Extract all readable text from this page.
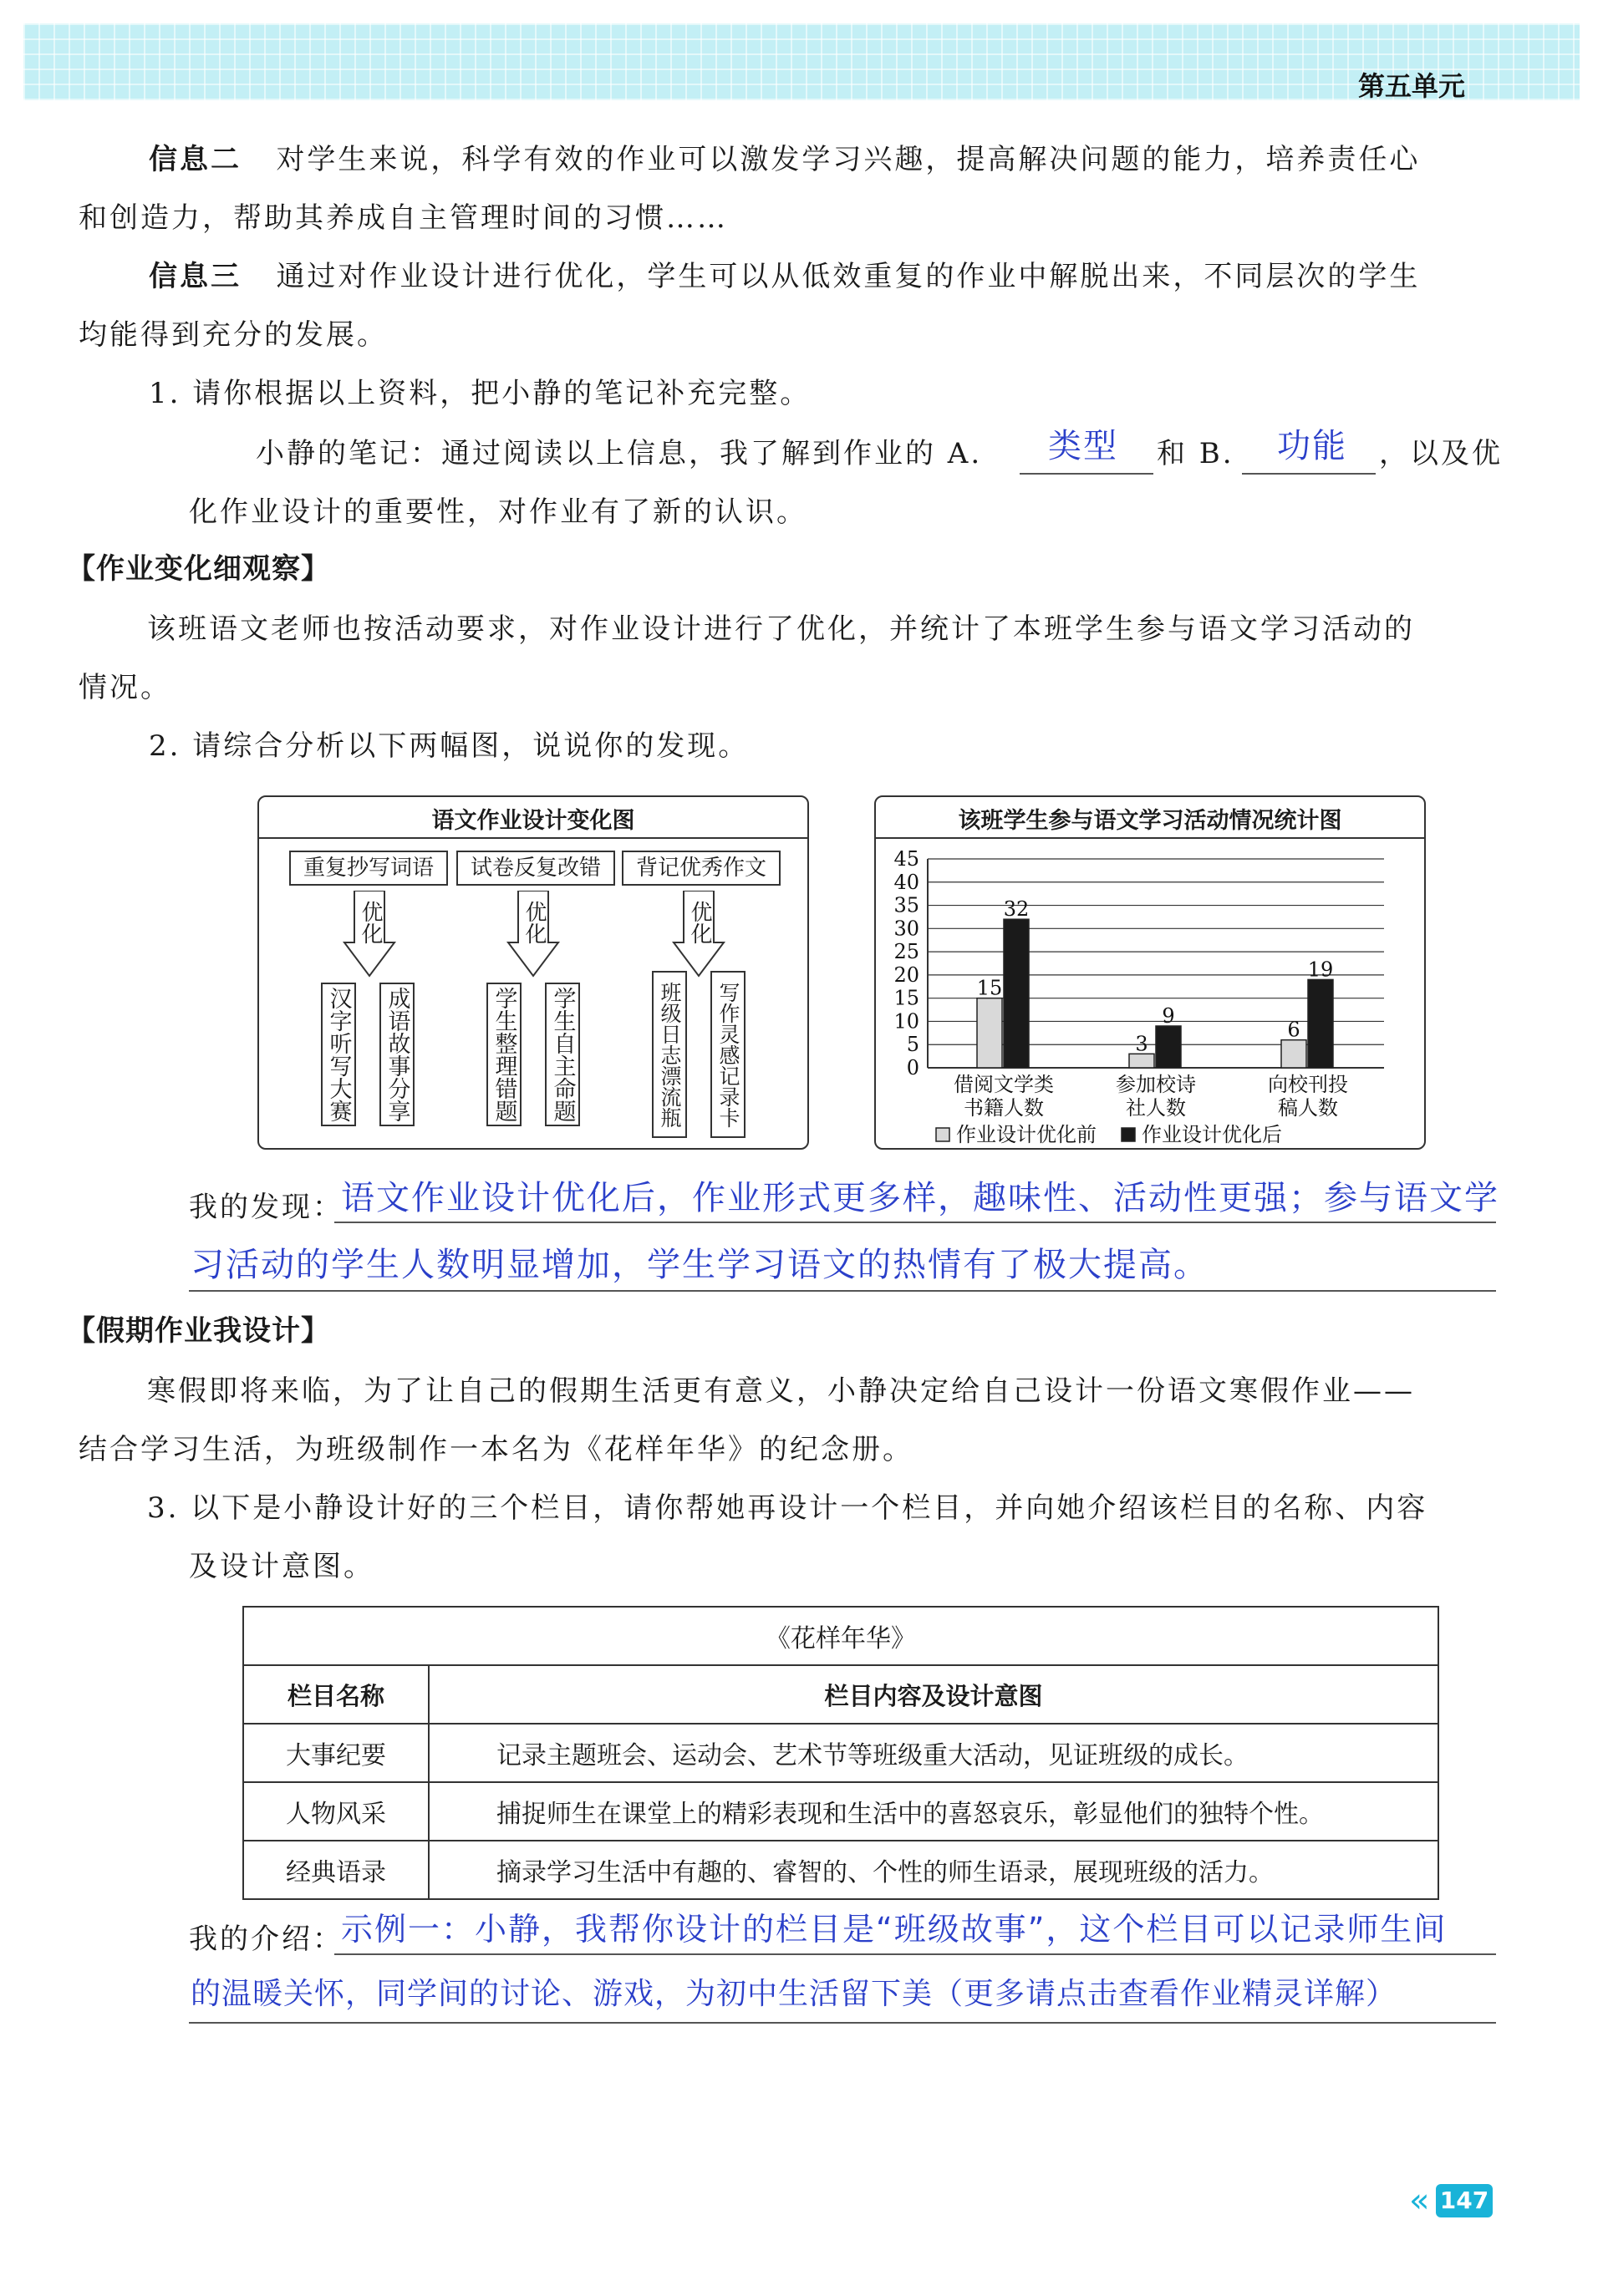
第五单元
信息二 对学生来说，科学有效的作业可以激发学习兴趣，提高解决问题的能力，培养责任心
和创造力，帮助其养成自主管理时间的习惯……
信息三 通过对作业设计进行优化，学生可以从低效重复的作业中解脱出来，不同层次的学生
均能得到充分的发展。
1. 请你根据以上资料，把小静的笔记补充完整。
小静的笔记：通过阅读以上信息，我了解到作业的 A. 类型 和 B. 功能 ，以及优
化作业设计的重要性，对作业有了新的认识。
【作业变化细观察】
该班语文老师也按活动要求，对作业设计进行了优化，并统计了本班学生参与语文学习活动的
情况。
2. 请综合分析以下两幅图，说说你的发现。
语文作业设计变化图
重复抄写词语
优化
汉字听写大赛 成语故事分享
试卷反复改错
优化
学生整理错题 学生自主命题
背记优秀作文
优化
班级日志漂流瓶 写作灵感记录卡
该班学生参与语文学习活动情况统计图
0
5
10
15
20
25
30
35
40
45
15
32
借阅文学类
书籍人数
3
9
参加校诗
社人数
6
19
向校刊投
稿人数
作业设计优化前 作业设计优化后
我的发现：
语文作业设计优化后，作业形式更多样，趣味性、活动性更强；参与语文学
习活动的学生人数明显增加，学生学习语文的热情有了极大提高。
【假期作业我设计】
寒假即将来临，为了让自己的假期生活更有意义，小静决定给自己设计一份语文寒假作业——
结合学习生活，为班级制作一本名为《花样年华》的纪念册。
3. 以下是小静设计好的三个栏目，请你帮她再设计一个栏目，并向她介绍该栏目的名称、内容
及设计意图。
《花样年华》	
栏目名称	栏目内容及设计意图
大事纪要	记录主题班会、运动会、艺术节等班级重大活动，见证班级的成长。
人物风采	捕捉师生在课堂上的精彩表现和生活中的喜怒哀乐，彰显他们的独特个性。
经典语录	摘录学习生活中有趣的、睿智的、个性的师生语录，展现班级的活力。
我的介绍：
示例一：小静，我帮你设计的栏目是“班级故事”，这个栏目可以记录师生间
的温暖关怀，同学间的讨论、游戏，为初中生活留下美（更多请点击查看作业精灵详解）
« 147
